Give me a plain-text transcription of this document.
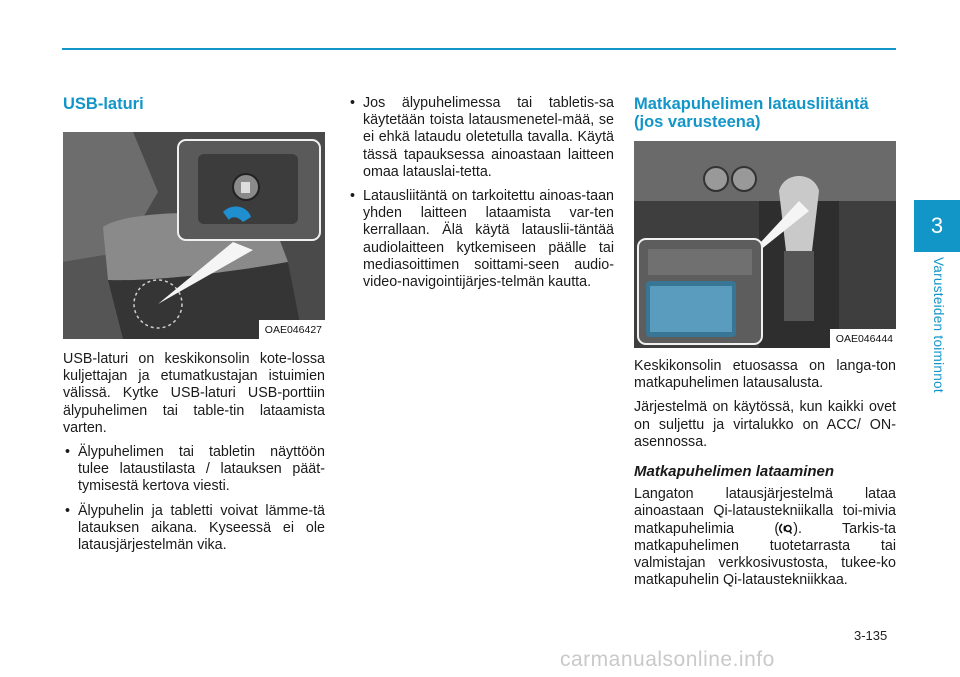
3
Varusteiden toiminnot
USB-laturi
OAE046427

USB-laturi on keskikonsolin kote-lossa kuljettajan ja etumatkustajan istuimien välissä. Kytke USB-laturi USB-porttiin älypuhelimen tai table-tin lataamista varten.

• Älypuhelimen tai tabletin näyttöön tulee lataustilasta / latauksen päät-tymisestä kertova viesti.
• Älypuhelin ja tabletti voivat lämme-tä latauksen aikana. Kyseessä ei ole latausjärjestelmän vika.
• Jos älypuhelimessa tai tabletis-sa käytetään toista latausmenetel-mää, se ei ehkä lataudu oletetulla tavalla. Käytä tässä tapauksessa ainoastaan laitteen omaa latauslai-tetta.
• Latausliitäntä on tarkoitettu ainoas-taan yhden laitteen lataamista var-ten kerrallaan. Älä käytä latauslii-täntää audiolaitteen kytkemiseen päälle tai mediasoittimen soittami-seen audio-video-navigointijärjes-telmän kautta.
Matkapuhelimen latausliitäntä
(jos varusteena)
OAE046444

Keskikonsolin etuosassa on langa-ton matkapuhelimen latausalusta.

Järjestelmä on käytössä, kun kaikki ovet on suljettu ja virtalukko on ACC/ ON-asennossa.

Matkapuhelimen lataaminen

Langaton latausjärjestelmä lataa ainoastaan Qi-lataustekniikalla toi-mivia matkapuhelimia ( ). Tarkis-ta matkapuhelimen tuotetarrasta tai valmistajan verkkosivustosta, tukee-ko matkapuhelin Qi-lataustekniikkaa.

3-135
carmanualsonline.info
